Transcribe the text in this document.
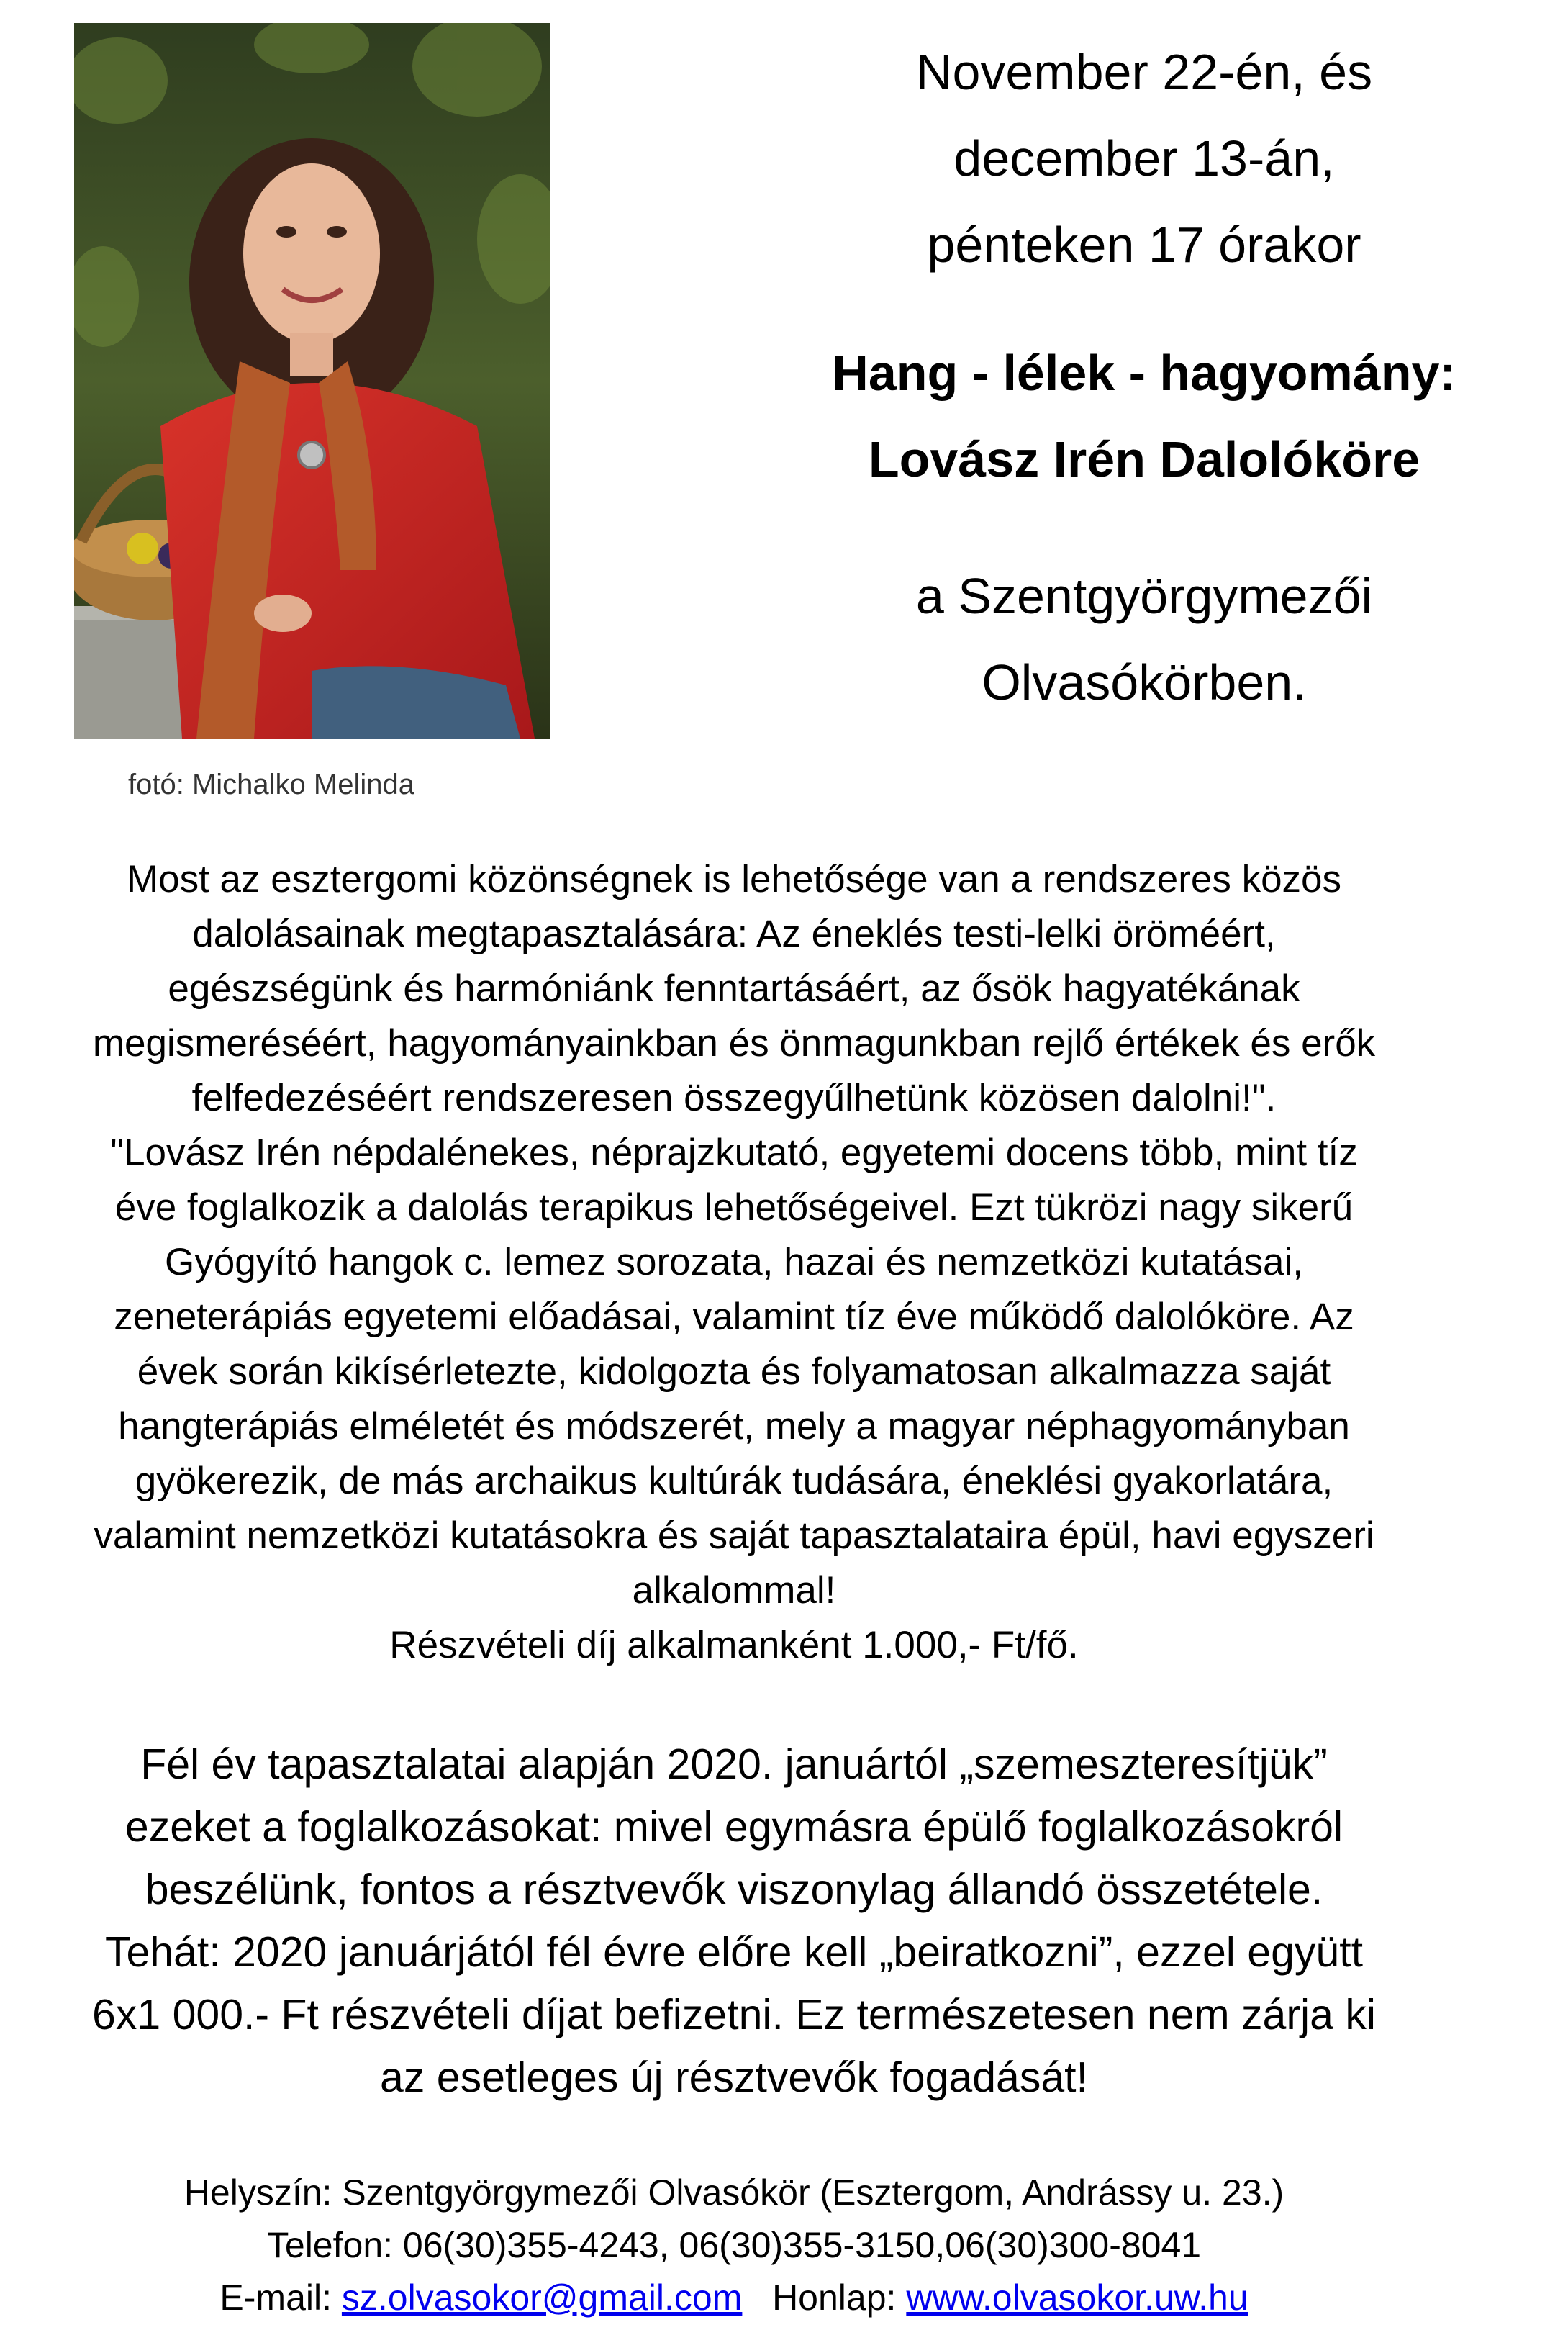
fotó: Michalko Melinda
November 22-én, és
december 13-án,
pénteken 17 órakor
Hang - lélek - hagyomány:
Lovász Irén Dalolóköre
a Szentgyörgymezői
Olvasókörben.
Most az esztergomi közönségnek is lehetősége van a rendszeres közös
dalolásainak megtapasztalására: Az éneklés testi-lelki öröméért,
egészségünk és harmóniánk fenntartásáért, az ősök hagyatékának
megismeréséért, hagyományainkban és önmagunkban rejlő értékek és erők
felfedezéséért rendszeresen összegyűlhetünk közösen dalolni!".
"Lovász Irén népdalénekes, néprajzkutató, egyetemi docens több, mint tíz
éve foglalkozik a dalolás terapikus lehetőségeivel. Ezt tükrözi nagy sikerű
Gyógyító hangok c. lemez sorozata, hazai és nemzetközi kutatásai,
zeneterápiás egyetemi előadásai, valamint tíz éve működő dalolóköre. Az
évek során kikísérletezte, kidolgozta és folyamatosan alkalmazza saját
hangterápiás elméletét és módszerét, mely a magyar néphagyományban
gyökerezik, de más archaikus kultúrák tudására, éneklési gyakorlatára,
valamint nemzetközi kutatásokra és saját tapasztalataira épül, havi egyszeri
alkalommal!
Részvételi díj alkalmanként 1.000,- Ft/fő.
Fél év tapasztalatai alapján 2020. januártól „szemeszteresítjük”
ezeket a foglalkozásokat: mivel egymásra épülő foglalkozásokról
beszélünk, fontos a résztvevők viszonylag állandó összetétele.
Tehát: 2020 januárjától fél évre előre kell „beiratkozni”, ezzel együtt
6x1 000.- Ft részvételi díjat befizetni. Ez természetesen nem zárja ki
az esetleges új résztvevők fogadását!
Helyszín: Szentgyörgymezői Olvasókör (Esztergom, Andrássy u. 23.)
Telefon: 06(30)355-4243, 06(30)355-3150,06(30)300-8041
E-mail: sz.olvasokor@gmail.com Honlap: www.olvasokor.uw.hu
